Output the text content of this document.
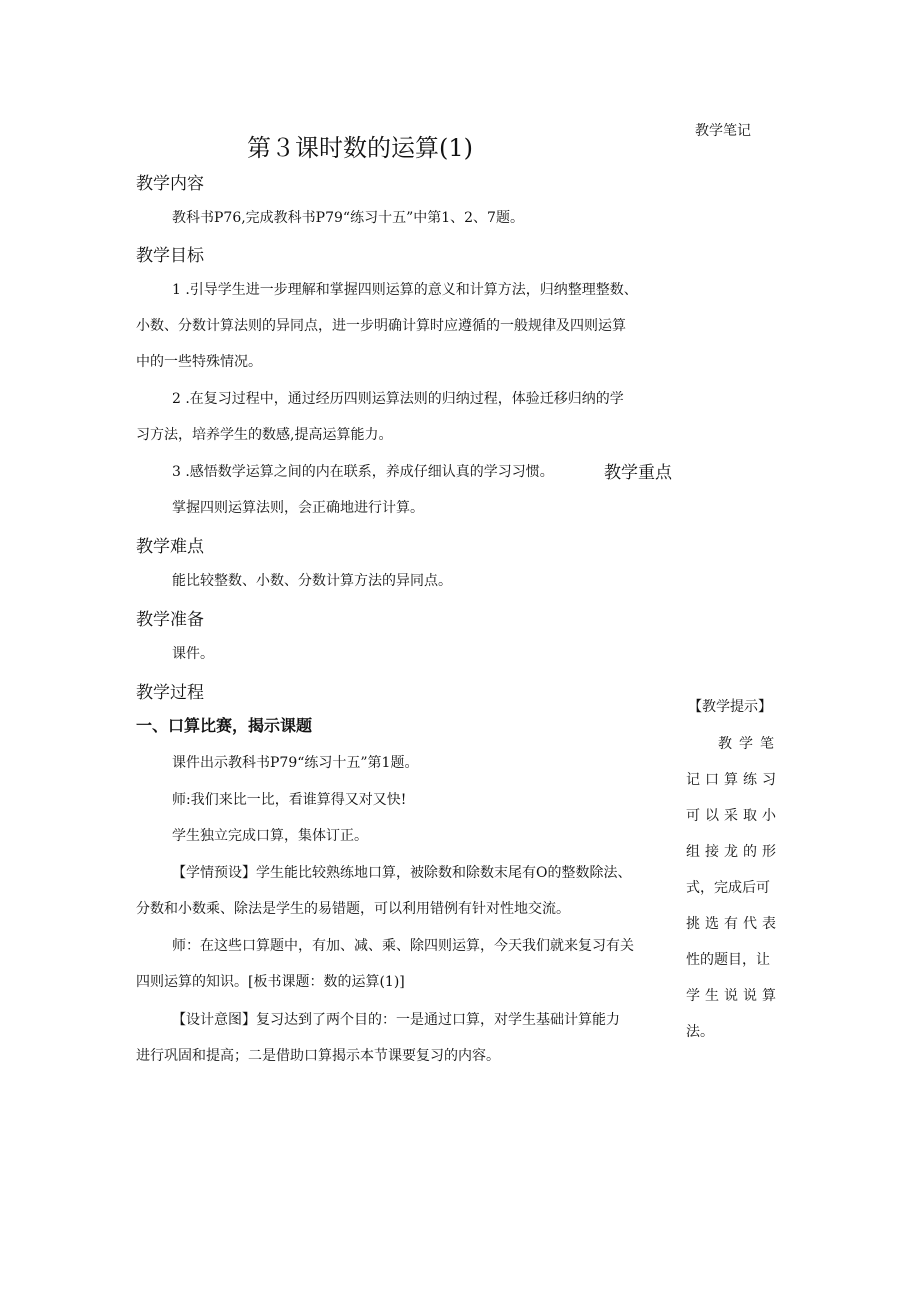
第３课时数的运算(1)
教学笔记
教学内容
教科书P76,完成教科书P79“练习十五”中第1、2、7题。
教学目标
1 .引导学生进一步理解和掌握四则运算的意义和计算方法，归纳整理整数、
小数、分数计算法则的异同点，进一步明确计算时应遵循的一般规律及四则运算
中的一些特殊情况。
2 .在复习过程中，通过经历四则运算法则的归纳过程，体验迁移归纳的学
习方法，培养学生的数感,提高运算能力。
3 .感悟数学运算之间的内在联系，养成仔细认真的学习习惯。	教学重点
掌握四则运算法则，会正确地进行计算。
教学难点
能比较整数、小数、分数计算方法的异同点。
教学准备
课件。
教学过程
一、口算比赛，揭示课题
课件出示教科书P79“练习十五”第1题。
师:我们来比一比，看谁算得又对又快!
学生独立完成口算，集体订正。
【学情预设】学生能比较熟练地口算，被除数和除数末尾有O的整数除法、
分数和小数乘、除法是学生的易错题，可以利用错例有针对性地交流。
师：在这些口算题中，有加、减、乘、除四则运算，今天我们就来复习有关
四则运算的知识。[板书课题：数的运算(1)]
【设计意图】复习达到了两个目的：一是通过口算，对学生基础计算能力
进行巩固和提高；二是借助口算揭示本节课要复习的内容。
【教学提示】
教学笔
记口算练习
可以采取小
组接龙的形
式，完成后可
挑选有代表
性的题目，让
学生说说算
法。
